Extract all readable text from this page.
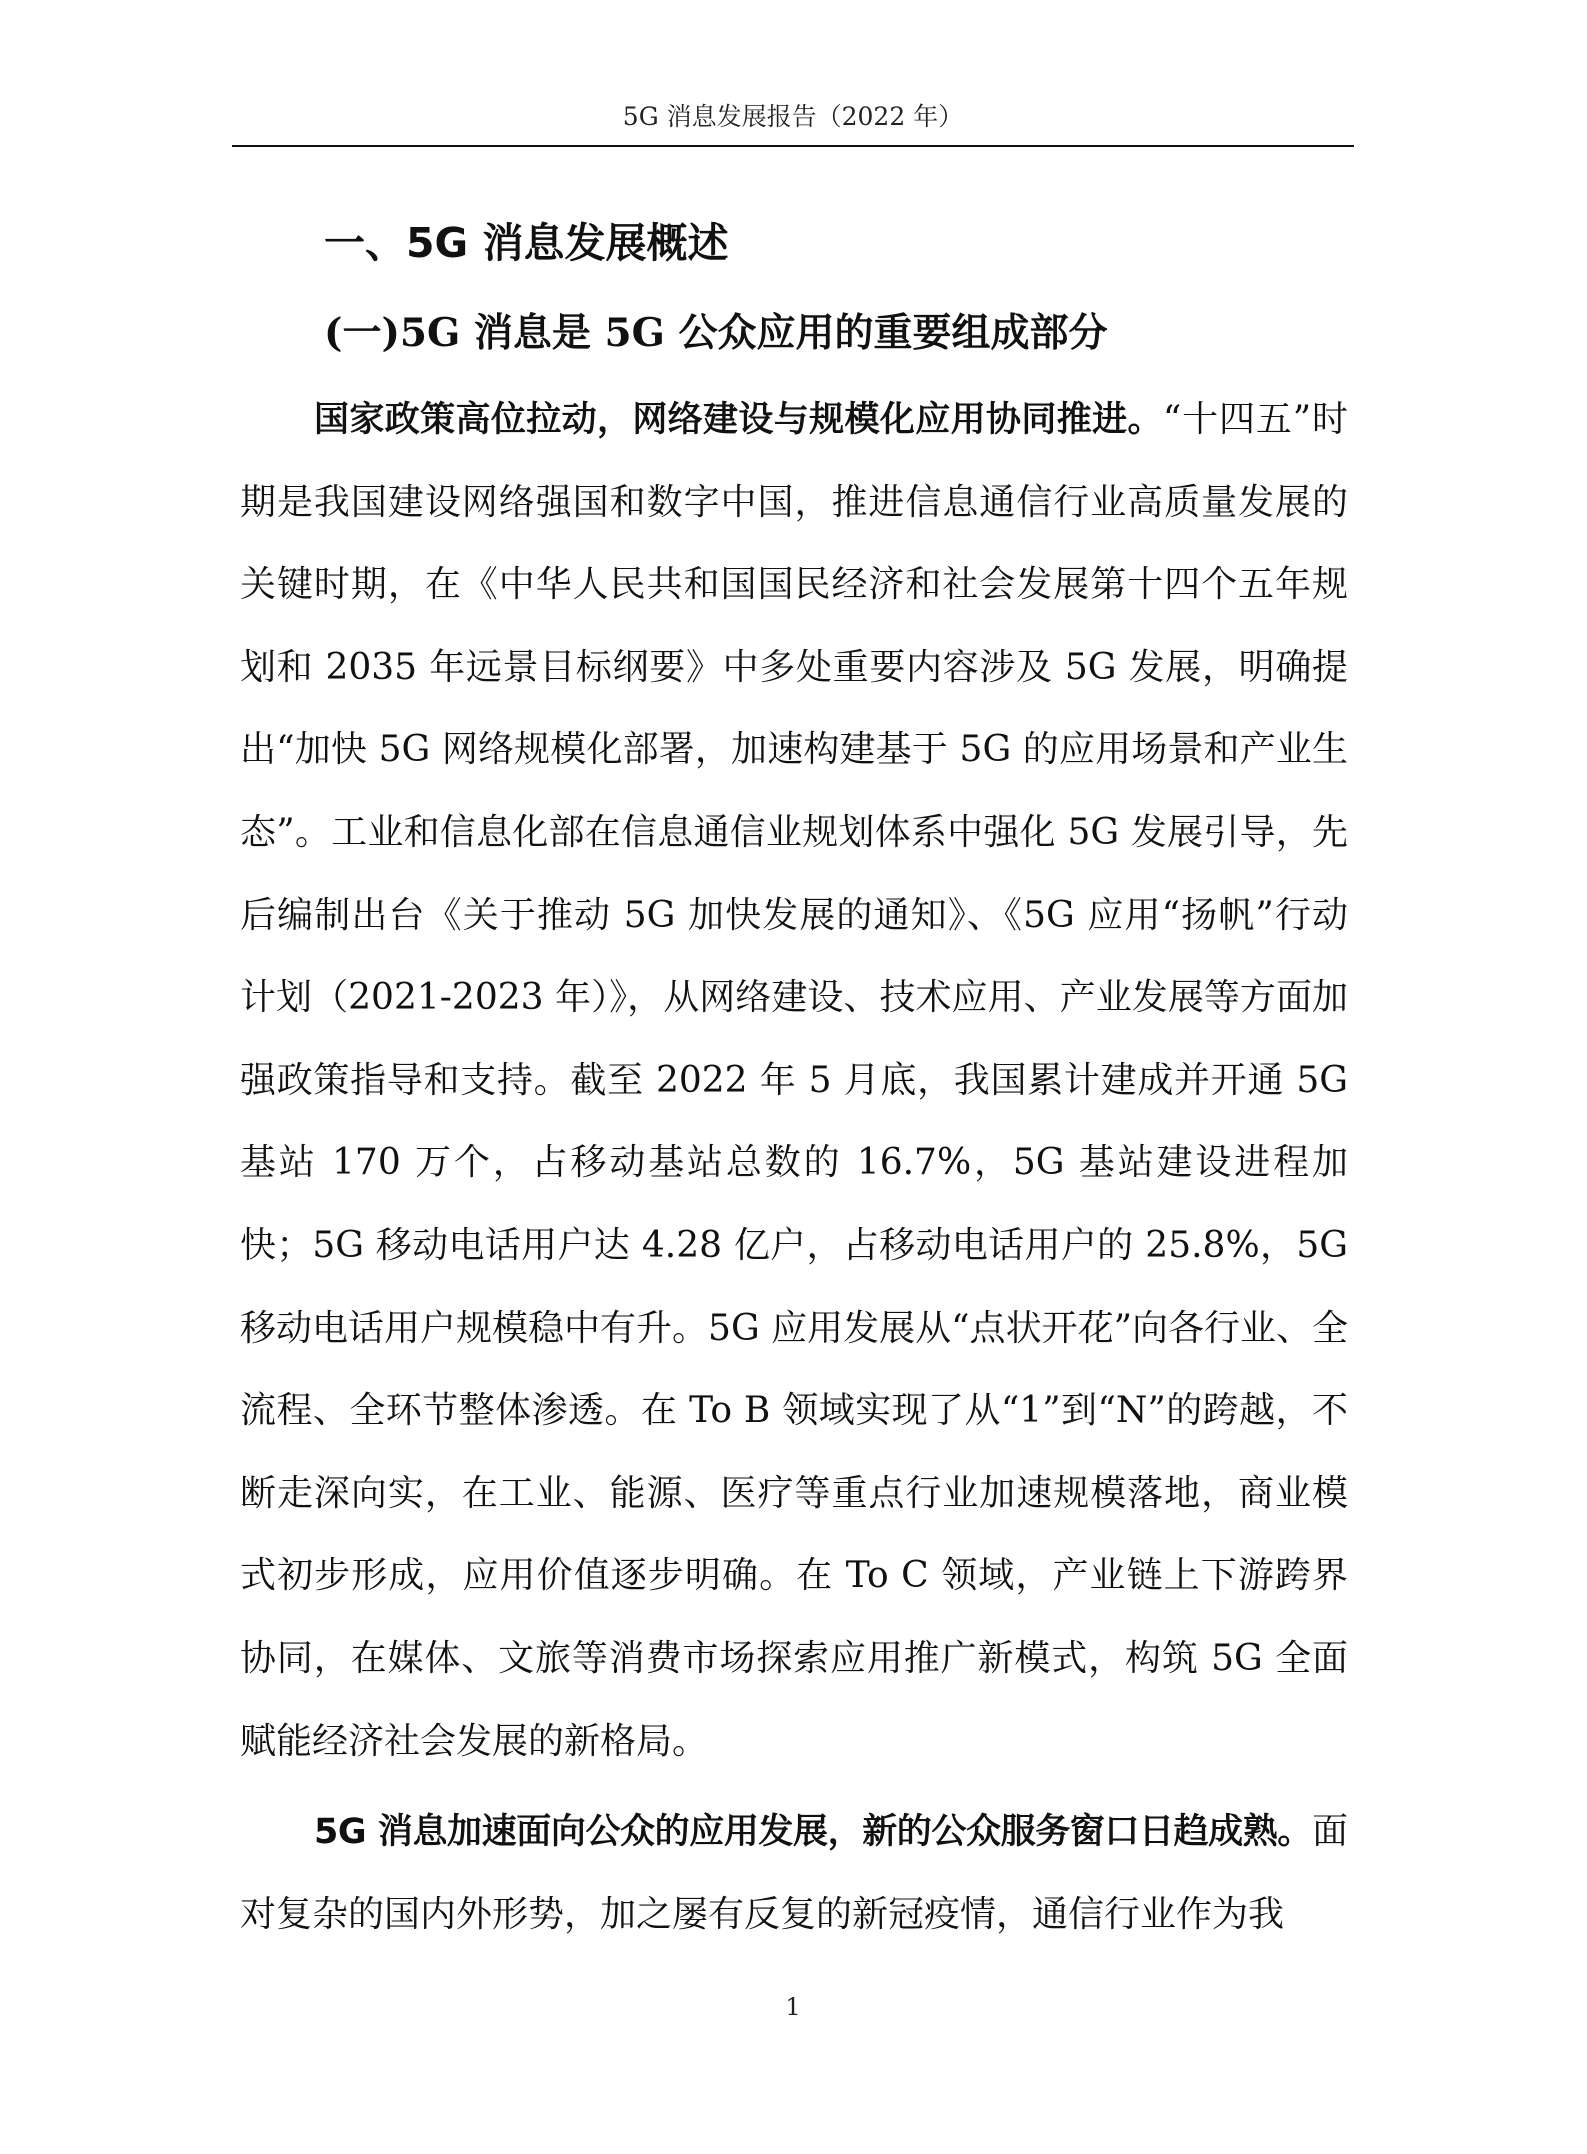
5G 消息发展报告（2022 年）
一、5G 消息发展概述
(一)5G 消息是 5G 公众应用的重要组成部分

国家政策高位拉动，网络建设与规模化应用协同推进。“十四五”时期是我国建设网络强国和数字中国，推进信息通信行业高质量发展的关键时期，在《中华人民共和国国民经济和社会发展第十四个五年规划和 2035 年远景目标纲要》中多处重要内容涉及 5G 发展，明确提出“加快 5G 网络规模化部署，加速构建基于 5G 的应用场景和产业生态”。工业和信息化部在信息通信业规划体系中强化 5G 发展引导，先后编制出台《关于推动 5G 加快发展的通知》、《5G 应用“扬帆”行动计划（2021-2023 年）》，从网络建设、技术应用、产业发展等方面加强政策指导和支持。截至 2022 年 5 月底，我国累计建成并开通 5G 基站 170 万个，占移动基站总数的 16.7%，5G 基站建设进程加快；5G 移动电话用户达 4.28 亿户，占移动电话用户的 25.8%，5G 移动电话用户规模稳中有升。5G 应用发展从“点状开花”向各行业、全流程、全环节整体渗透。在 To B 领域实现了从“1”到“N”的跨越，不断走深向实，在工业、能源、医疗等重点行业加速规模落地，商业模式初步形成，应用价值逐步明确。在 To C 领域，产业链上下游跨界协同，在媒体、文旅等消费市场探索应用推广新模式，构筑 5G 全面赋能经济社会发展的新格局。

5G 消息加速面向公众的应用发展，新的公众服务窗口日趋成熟。面对复杂的国内外形势，加之屡有反复的新冠疫情，通信行业作为我

1
